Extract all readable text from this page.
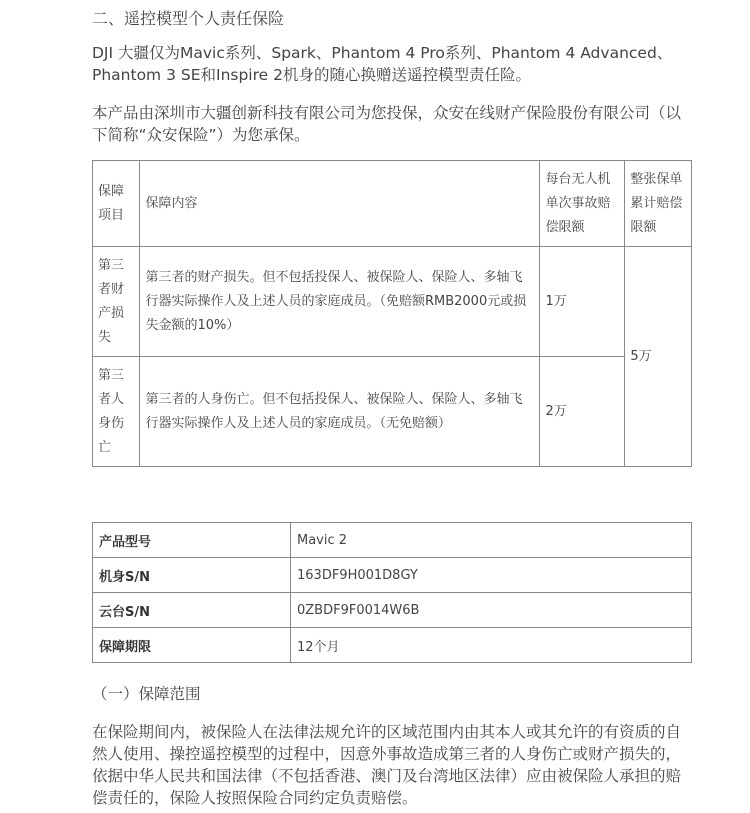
二、遥控模型个人责任保险
DJI 大疆仅为Mavic系列、Spark、Phantom 4 Pro系列、Phantom 4 Advanced、Phantom 3 SE和Inspire 2机身的随心换赠送遥控模型责任险。
本产品由深圳市大疆创新科技有限公司为您投保，众安在线财产保险股份有限公司（以下简称“众安保险”）为您承保。
保障项目	保障内容	每台无人机单次事故赔偿限额	整张保单累计赔偿限额
第三者财产损失	第三者的财产损失。但不包括投保人、被保险人、保险人、多轴飞行器实际操作人及上述人员的家庭成员。（免赔额RMB2000元或损失金额的10%）	1万	5万
第三者人身伤亡	第三者的人身伤亡。但不包括投保人、被保险人、保险人、多轴飞行器实际操作人及上述人员的家庭成员。（无免赔额）	2万	
产品型号	Mavic 2
机身S/N	163DF9H001D8GY
云台S/N	0ZBDF9F0014W6B
保障期限	12个月
（一）保障范围
在保险期间内，被保险人在法律法规允许的区域范围内由其本人或其允许的有资质的自然人使用、操控遥控模型的过程中，因意外事故造成第三者的人身伤亡或财产损失的，依据中华人民共和国法律（不包括香港、澳门及台湾地区法律）应由被保险人承担的赔偿责任的，保险人按照保险合同约定负责赔偿。
